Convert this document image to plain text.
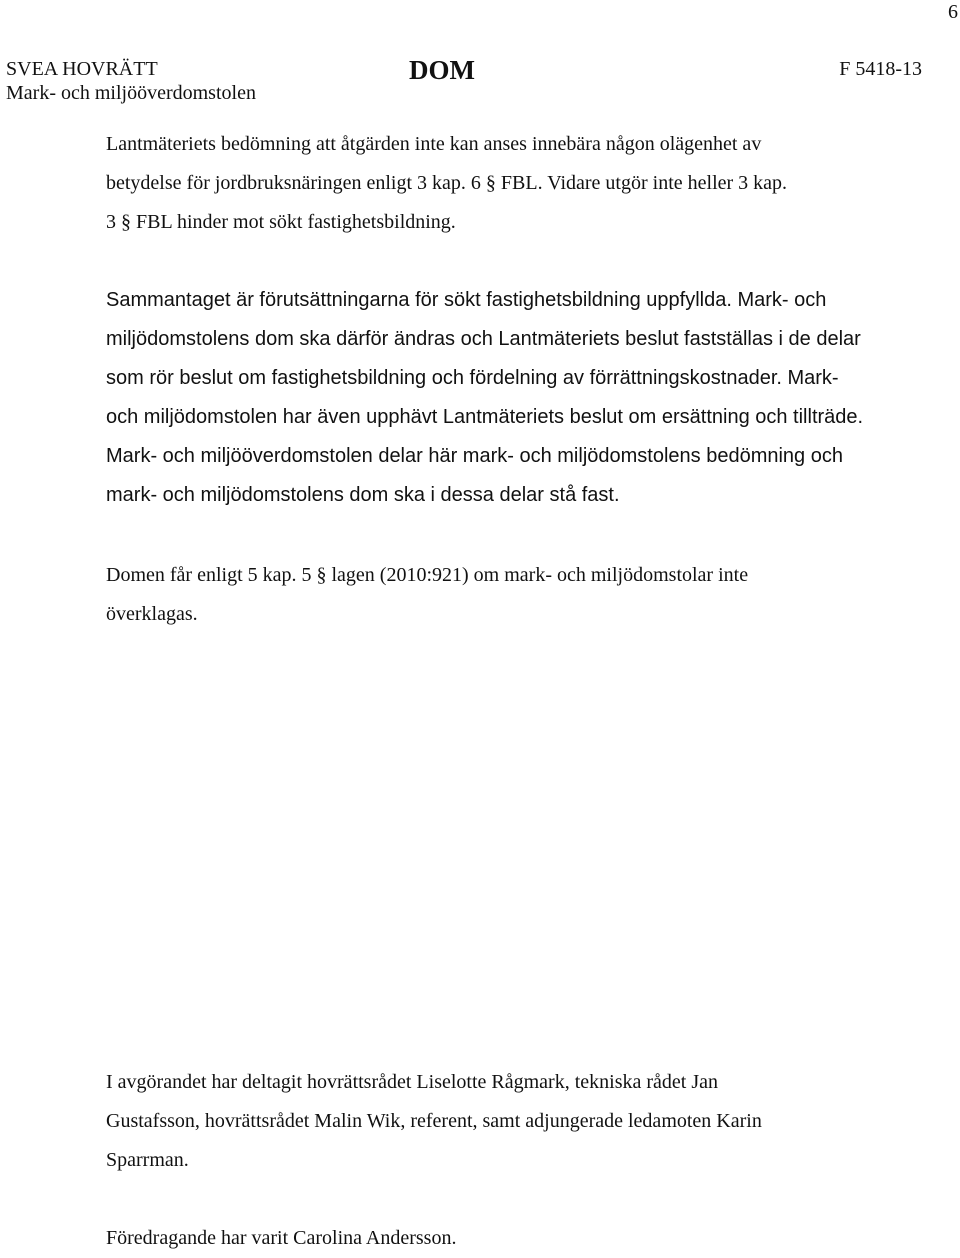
6
SVEA HOVRÄTT
Mark- och miljööverdomstolen
DOM	F 5418-13
Lantmäteriets bedömning att åtgärden inte kan anses innebära någon olägenhet av
betydelse för jordbruksnäringen enligt 3 kap. 6 § FBL. Vidare utgör inte heller 3 kap.
3 § FBL hinder mot sökt fastighetsbildning.
Sammantaget är förutsättningarna för sökt fastighetsbildning uppfyllda. Mark- och
miljödomstolens dom ska därför ändras och Lantmäteriets beslut fastställas i de delar
som rör beslut om fastighetsbildning och fördelning av förrättningskostnader. Mark-
och miljödomstolen har även upphävt Lantmäteriets beslut om ersättning och tillträde.
Mark- och miljööverdomstolen delar här mark- och miljödomstolens bedömning och
mark- och miljödomstolens dom ska i dessa delar stå fast.
Domen får enligt 5 kap. 5 § lagen (2010:921) om mark- och miljödomstolar inte
överklagas.
I avgörandet har deltagit hovrättsrådet Liselotte Rågmark, tekniska rådet Jan
Gustafsson, hovrättsrådet Malin Wik, referent, samt adjungerade ledamoten Karin
Sparrman.
Föredragande har varit Carolina Andersson.
